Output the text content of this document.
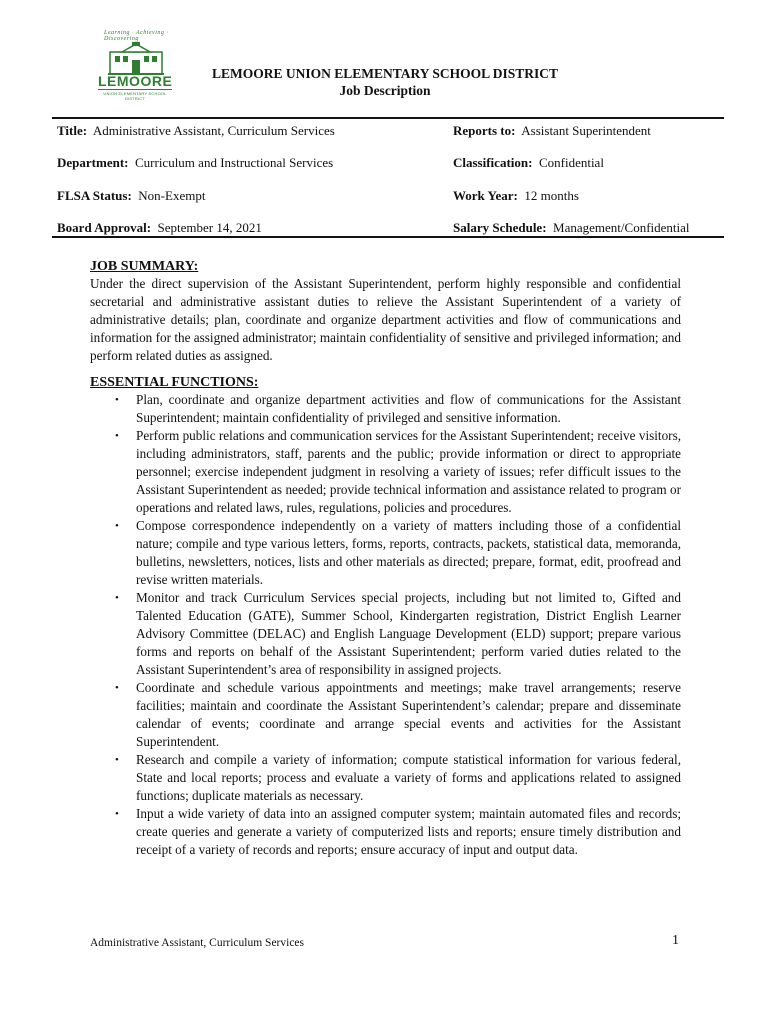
Learning · Achieving · Discovering
LEMOORE
UNION ELEMENTARY SCHOOL DISTRICT
LEMOORE UNION ELEMENTARY SCHOOL DISTRICT
Job Description
Title: Administrative Assistant, Curriculum Services	Reports to: Assistant Superintendent
Department: Curriculum and Instructional Services	Classification: Confidential
FLSA Status: Non-Exempt	Work Year: 12 months
Board Approval: September 14, 2021	Salary Schedule: Management/Confidential
JOB SUMMARY:

Under the direct supervision of the Assistant Superintendent, perform highly responsible and confidential secretarial and administrative assistant duties to relieve the Assistant Superintendent of a variety of administrative details; plan, coordinate and organize department activities and flow of communications and information for the assigned administrator; maintain confidentiality of sensitive and privileged information; and perform related duties as assigned.

ESSENTIAL FUNCTIONS:
• Plan, coordinate and organize department activities and flow of communications for the Assistant Superintendent; maintain confidentiality of privileged and sensitive information.
• Perform public relations and communication services for the Assistant Superintendent; receive visitors, including administrators, staff, parents and the public; provide information or direct to appropriate personnel; exercise independent judgment in resolving a variety of issues; refer difficult issues to the Assistant Superintendent as needed; provide technical information and assistance related to program or operations and related laws, rules, regulations, policies and procedures.
• Compose correspondence independently on a variety of matters including those of a confidential nature; compile and type various letters, forms, reports, contracts, packets, statistical data, memoranda, bulletins, newsletters, notices, lists and other materials as directed; prepare, format, edit, proofread and revise written materials.
• Monitor and track Curriculum Services special projects, including but not limited to, Gifted and Talented Education (GATE), Summer School, Kindergarten registration, District English Learner Advisory Committee (DELAC) and English Language Development (ELD) support; prepare various forms and reports on behalf of the Assistant Superintendent; perform varied duties related to the Assistant Superintendent’s area of responsibility in assigned projects.
• Coordinate and schedule various appointments and meetings; make travel arrangements; reserve facilities; maintain and coordinate the Assistant Superintendent’s calendar; prepare and disseminate calendar of events; coordinate and arrange special events and activities for the Assistant Superintendent.
• Research and compile a variety of information; compute statistical information for various federal, State and local reports; process and evaluate a variety of forms and applications related to assigned functions; duplicate materials as necessary.
• Input a wide variety of data into an assigned computer system; maintain automated files and records; create queries and generate a variety of computerized lists and reports; ensure timely distribution and receipt of a variety of records and reports; ensure accuracy of input and output data.
Administrative Assistant, Curriculum Services	1
